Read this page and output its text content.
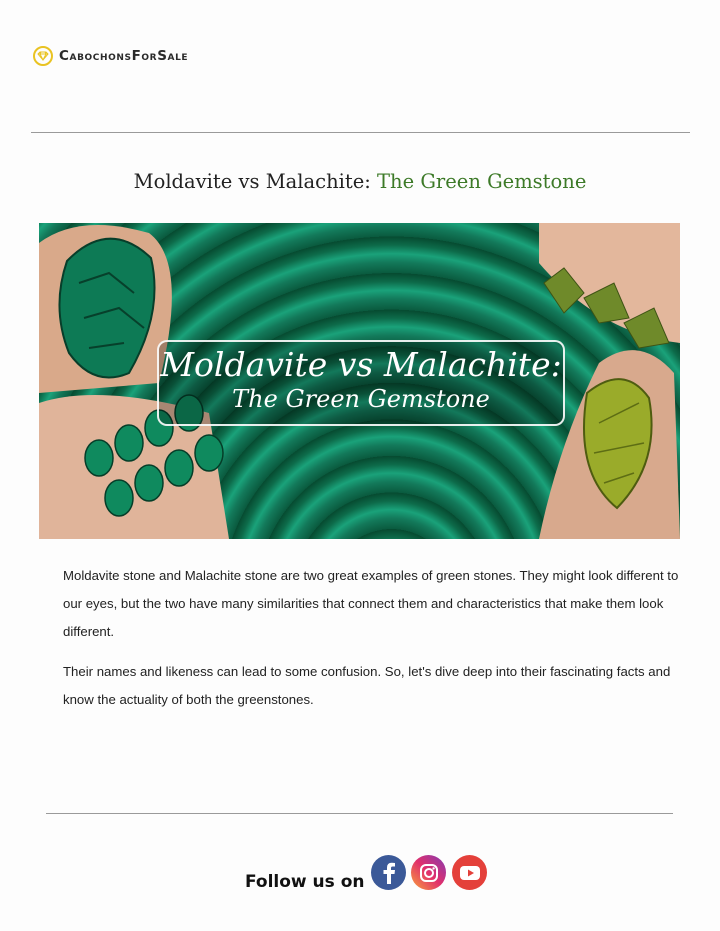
CabochonsForSale
Moldavite vs Malachite: The Green Gemstone
Moldavite vs Malachite:
The Green Gemstone

Moldavite stone and Malachite stone are two great examples of green stones. They might look different to our eyes, but the two have many similarities that connect them and characteristics that make them look different.

Their names and likeness can lead to some confusion. So, let's dive deep into their fascinating facts and know the actuality of both the greenstones.

Follow us on
